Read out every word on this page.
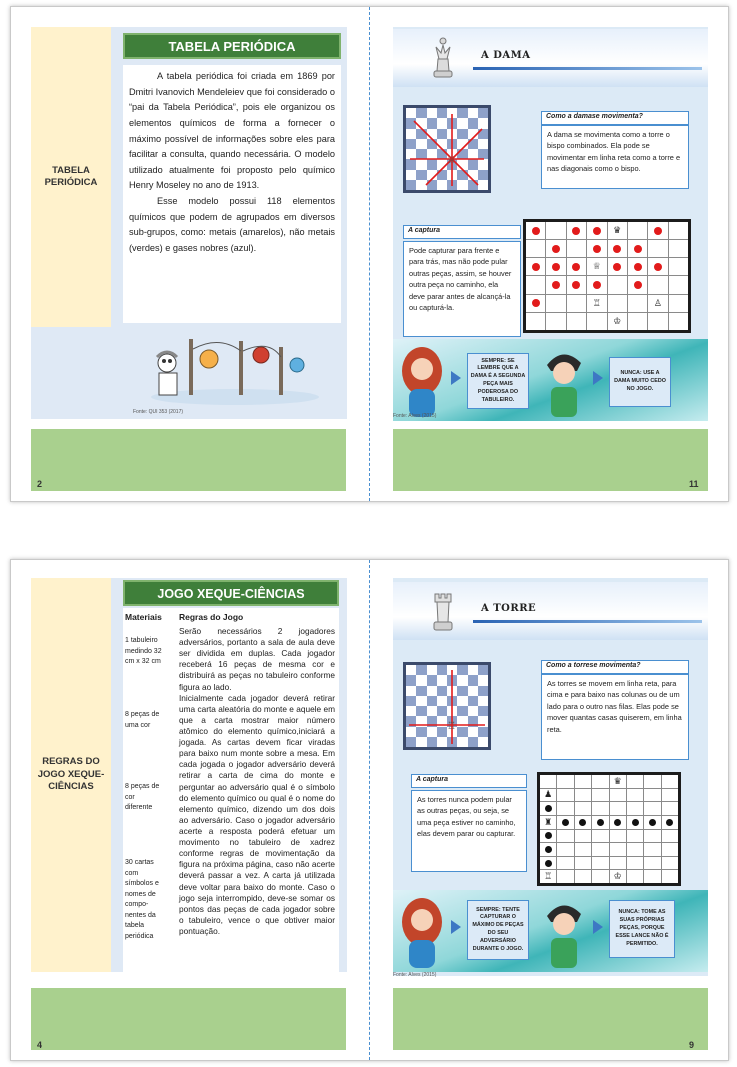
TABELA PERIÓDICA
TABELA PERIÓDICA

A tabela periódica foi criada em 1869 por Dmitri Ivanovich Mendeleiev que foi considerado o “pai da Tabela Periódica”, pois ele organizou os elementos químicos de forma a fornecer o máximo possível de informações sobre eles para facilitar a consulta, quando necessária. O modelo utilizado atualmente foi proposto pelo químico Henry Moseley no ano de 1913.

Esse modelo possui 118 elementos químicos que podem de agrupados em diversos sub-grupos, como: metais (amarelos), não metais (verdes) e gases nobres (azul).

Fonte: QUI 353 (2017)
2
A DAMA
♕
Como a damase movimenta?
A dama se movimenta como a torre o bispo combinados. Ela pode se movimentar em linha reta como a torre e nas diagonais como o bispo.
A captura
Pode capturar para frente e para trás, mas não pode pular outras peças, assim, se houver outra peça no caminho, ela deve parar antes de alcançá-la ou capturá-la.
♛
♕
♖	♙
♔
SEMPRE: SE LEMBRE QUE A DAMA É A SEGUNDA PEÇA MAIS PODEROSA DO TABULEIRO.
NUNCA: USE A DAMA MUITO CEDO NO JOGO.
Fonte: Alves (2015)
11
REGRAS DO JOGO XEQUE-CIÊNCIAS
JOGO XEQUE-CIÊNCIAS
Materiais Regras do Jogo
1 tabuleiro medindo 32 cm x 32 cm
8 peças de uma cor
8 peças de cor diferente
30 cartas com símbolos e nomes de compo-nentes da tabela periódica
Serão necessários 2 jogadores adversários, portanto a sala de aula deve ser dividida em duplas. Cada jogador receberá 16 peças de mesma cor e distribuirá as peças no tabuleiro conforme figura ao lado.
Inicialmente cada jogador deverá retirar uma carta aleatória do monte e aquele em que a carta mostrar maior número atômico do elemento químico,iniciará a jogada. As cartas devem ficar viradas para baixo num monte sobre a mesa. Em cada jogada o jogador adversário deverá retirar a carta de cima do monte e perguntar ao adversário qual é o símbolo do elemento químico ou qual é o nome do elemento químico, dizendo um dos dois ao adversário. Caso o jogador adversário acerte a resposta poderá efetuar um movimento no tabuleiro de xadrez conforme regras de movimentação da figura na próxima página, caso não acerte deverá passar a vez. A carta já utilizada deve voltar para baixo do monte. Caso o jogo seja interrompido, deve-se somar os pontos das peças de cada jogador sobre o tabuleiro, vence o que obtiver maior pontuação.
4
A TORRE
♖
Como a torrese movimenta?
As torres se movem em linha reta, para cima e para baixo nas colunas ou de um lado para o outro nas filas. Elas pode se mover quantas casas quiserem, em linha reta.
A captura
As torres nunca podem pular as outras peças, ou seja, se uma peça estiver no caminho, elas devem parar ou capturar.
♛
♟
♜
♖	♔
SEMPRE: TENTE CAPTURAR O MÁXIMO DE PEÇAS DO SEU ADVERSÁRIO DURANTE O JOGO.
NUNCA: TOME AS SUAS PRÓPRIAS PEÇAS, PORQUE ESSE LANCE NÃO É PERMITIDO.
Fonte: Alves (2015)
9
